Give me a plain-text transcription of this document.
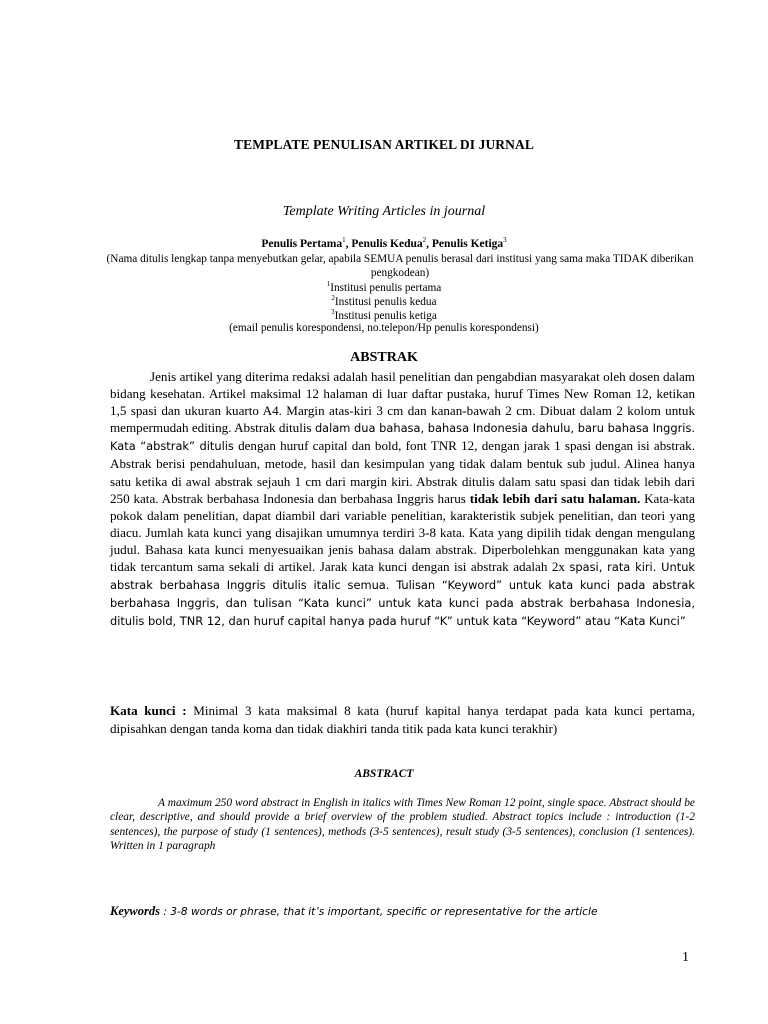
TEMPLATE PENULISAN ARTIKEL DI JURNAL
Template Writing Articles in journal
Penulis Pertama$^1$, Penulis Kedua$^2$, Penulis Ketiga$^3$
(Nama ditulis lengkap tanpa menyebutkan gelar, apabila SEMUA penulis berasal dari institusi yang sama maka TIDAK diberikan pengkodean)
$^1$Institusi penulis pertama
$^2$Institusi penulis kedua
$^3$Institusi penulis ketiga
(email penulis korespondensi, no.telepon/Hp penulis korespondensi)
ABSTRAK
Jenis artikel yang diterima redaksi adalah hasil penelitian dan pengabdian masyarakat oleh dosen dalam bidang kesehatan. Artikel maksimal 12 halaman di luar daftar pustaka, huruf Times New Roman 12, ketikan 1,5 spasi dan ukuran kuarto A4. Margin atas-kiri 3 cm dan kanan-bawah 2 cm. Dibuat dalam 2 kolom untuk mempermudah editing. Abstrak ditulis dalam dua bahasa, bahasa Indonesia dahulu, baru bahasa Inggris. Kata “abstrak” ditulis dengan huruf capital dan bold, font TNR 12, dengan jarak 1 spasi dengan isi abstrak. Abstrak berisi pendahuluan, metode, hasil dan kesimpulan yang tidak dalam bentuk sub judul. Alinea hanya satu ketika di awal abstrak sejauh 1 cm dari margin kiri. Abstrak ditulis dalam satu spasi dan tidak lebih dari 250 kata. Abstrak berbahasa Indonesia dan berbahasa Inggris harus tidak lebih dari satu halaman. Kata-kata pokok dalam penelitian, dapat diambil dari variable penelitian, karakteristik subjek penelitian, dan teori yang diacu. Jumlah kata kunci yang disajikan umumnya terdiri 3-8 kata. Kata yang dipilih tidak dengan mengulang judul. Bahasa kata kunci menyesuaikan jenis bahasa dalam abstrak. Diperbolehkan menggunakan kata yang tidak tercantum sama sekali di artikel. Jarak kata kunci dengan isi abstrak adalah 2x spasi, rata kiri. Untuk abstrak berbahasa Inggris ditulis italic semua. Tulisan “Keyword” untuk kata kunci pada abstrak berbahasa Inggris, dan tulisan “Kata kunci” untuk kata kunci pada abstrak berbahasa Indonesia, ditulis bold, TNR 12, dan huruf capital hanya pada huruf “K” untuk kata “Keyword” atau “Kata Kunci”
Kata kunci : Minimal 3 kata maksimal 8 kata (huruf kapital hanya terdapat pada kata kunci pertama, dipisahkan dengan tanda koma dan tidak diakhiri tanda titik pada kata kunci terakhir)
ABSTRACT
A maximum 250 word abstract in English in italics with Times New Roman 12 point, single space. Abstract should be clear, descriptive, and should provide a brief overview of the problem studied. Abstract topics include : introduction (1-2 sentences), the purpose of study (1 sentences), methods (3-5 sentences), result study (3-5 sentences), conclusion (1 sentences). Written in 1 paragraph
Keywords : 3-8 words or phrase, that it’s important, specific or representative for the article
1
